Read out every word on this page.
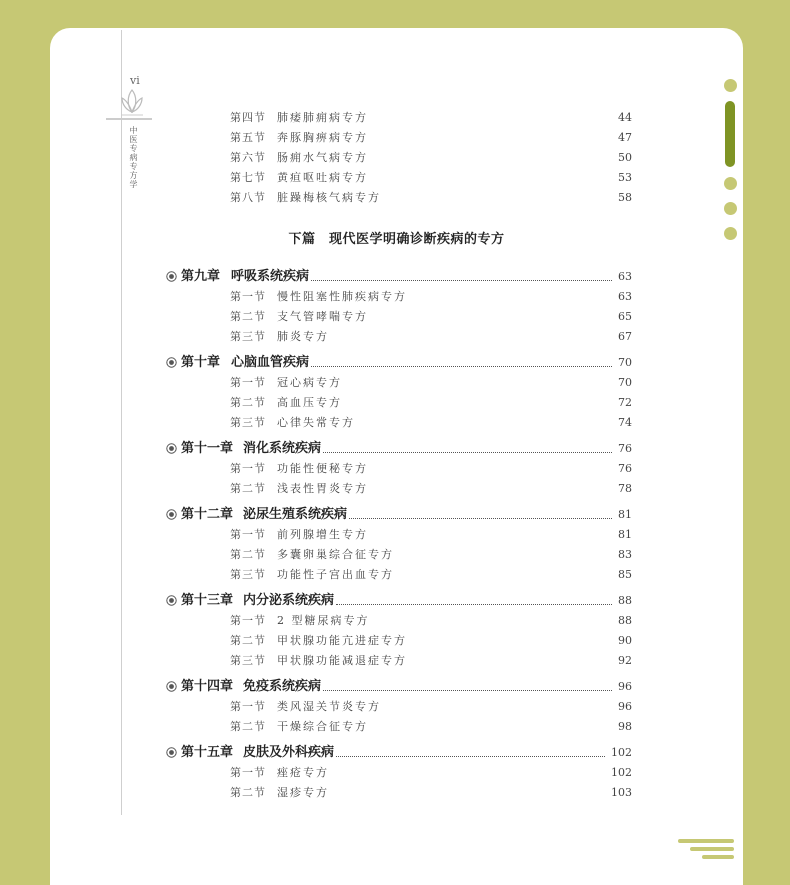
vi
中医专病专方学
第四节 肺痿肺痈病专方	44
第五节 奔豚胸痹病专方	47
第六节 肠痈水气病专方	50
第七节 黄疸呕吐病专方	53
第八节 脏躁梅核气病专方	58
第九章 呼吸系统疾病	63
第一节 慢性阻塞性肺疾病专方	63
第二节 支气管哮喘专方	65
第三节 肺炎专方	67
第十章 心脑血管疾病	70
第一节 冠心病专方	70
第二节 高血压专方	72
第三节 心律失常专方	74
第十一章 消化系统疾病	76
第一节 功能性便秘专方	76
第二节 浅表性胃炎专方	78
第十二章 泌尿生殖系统疾病	81
第一节 前列腺增生专方	81
第二节 多囊卵巢综合征专方	83
第三节 功能性子宫出血专方	85
第十三章 内分泌系统疾病	88
第一节 2 型糖尿病专方	88
第二节 甲状腺功能亢进症专方	90
第三节 甲状腺功能减退症专方	92
第十四章 免疫系统疾病	96
第一节 类风湿关节炎专方	96
第二节 干燥综合征专方	98
第十五章 皮肤及外科疾病	102
第一节 痤疮专方	102
第二节 湿疹专方	103
下篇　现代医学明确诊断疾病的专方
